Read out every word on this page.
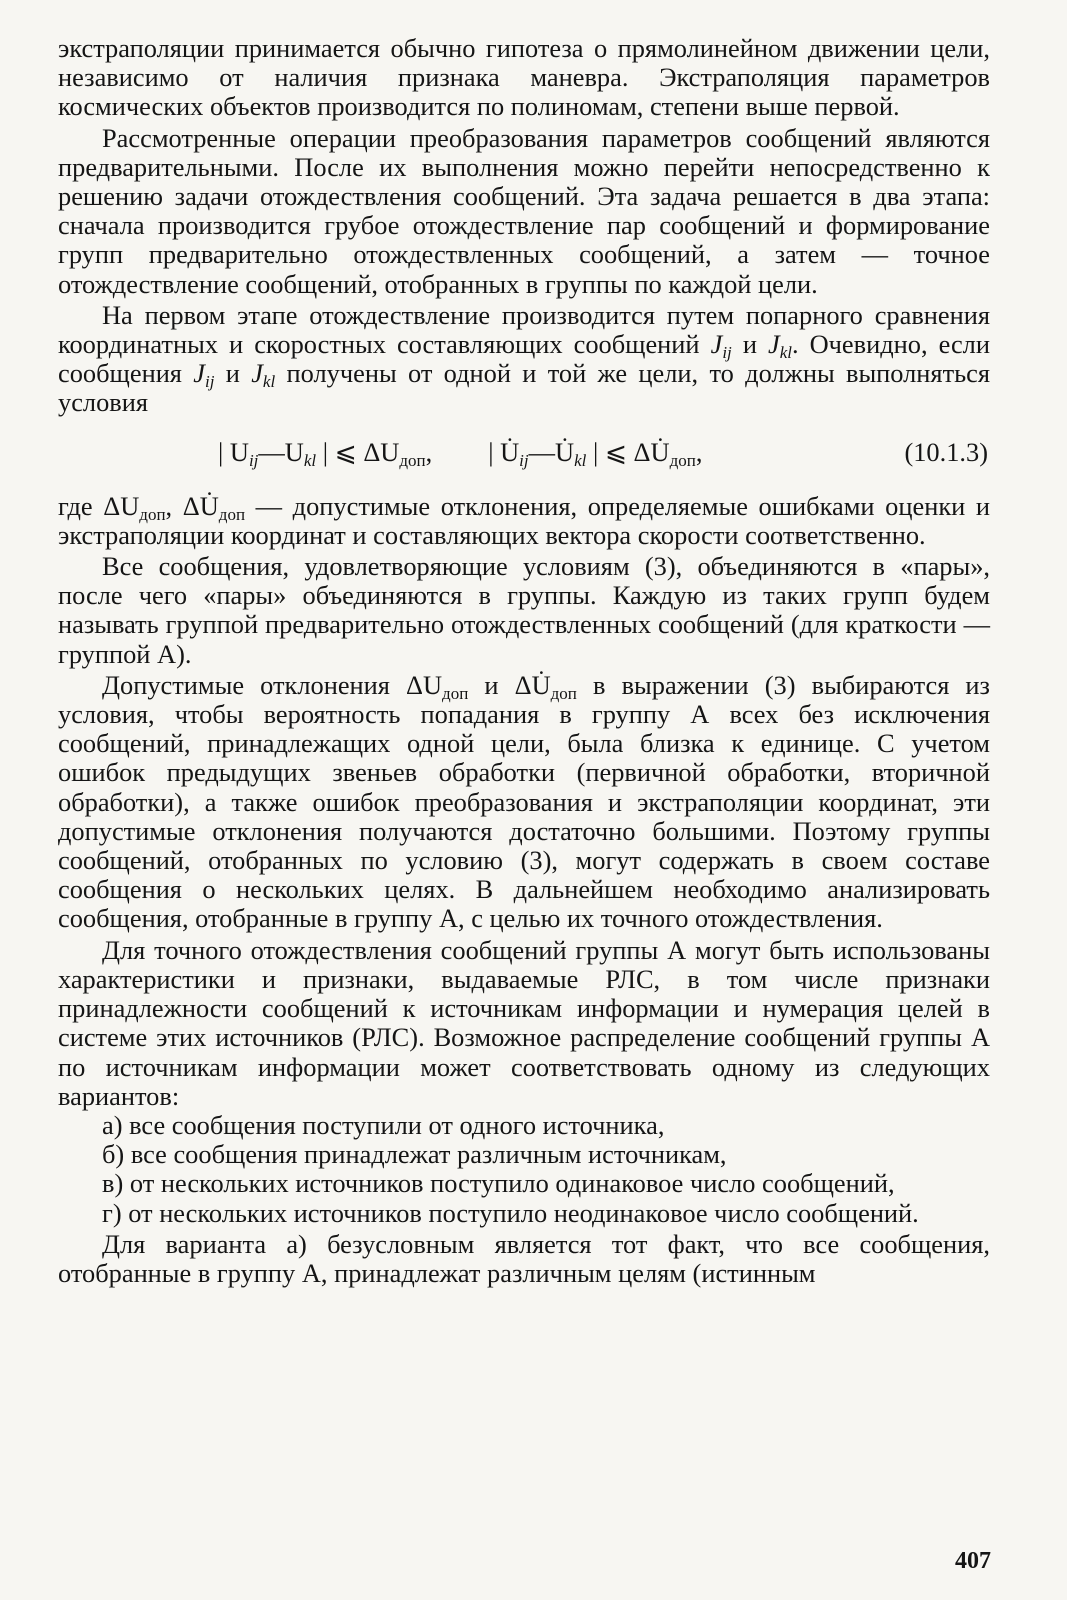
экстраполяции принимается обычно гипотеза о прямолинейном движении цели, независимо от наличия признака маневра. Экстраполяция параметров космических объектов производится по полиномам, степени выше первой.

Рассмотренные операции преобразования параметров сообщений являются предварительными. После их выполнения можно перейти непосредственно к решению задачи отождествления сообщений. Эта задача решается в два этапа: сначала производится грубое отождествление пар сообщений и формирование групп предварительно отождествленных сообщений, а затем — точное отождествление сообщений, отобранных в группы по каждой цели.

На первом этапе отождествление производится путем попарного сравнения координатных и скоростных составляющих сообщений $J_{ij}$ и $J_{kl}$. Очевидно, если сообщения $J_{ij}$ и $J_{kl}$ получены от одной и той же цели, то должны выполняться условия

| $U_{ij}—U_{kl}$ | ⩽ $\Delta U_{доп}$, | $U̇_{ij}—U̇_{kl}$ | ⩽ $\Delta U̇_{доп}$,	(10.1.3)

где $\Delta U_{доп}$, $\Delta U̇_{доп}$ — допустимые отклонения, определяемые ошибками оценки и экстраполяции координат и составляющих вектора скорости соответственно.

Все сообщения, удовлетворяющие условиям (3), объединяются в «пары», после чего «пары» объединяются в группы. Каждую из таких групп будем называть группой предварительно отождествленных сообщений (для краткости — группой А).

Допустимые отклонения $\Delta U_{доп}$ и $\Delta U̇_{доп}$ в выражении (3) выбираются из условия, чтобы вероятность попадания в группу А всех без исключения сообщений, принадлежащих одной цели, была близка к единице. С учетом ошибок предыдущих звеньев обработки (первичной обработки, вторичной обработки), а также ошибок преобразования и экстраполяции координат, эти допустимые отклонения получаются достаточно большими. Поэтому группы сообщений, отобранных по условию (3), могут содержать в своем составе сообщения о нескольких целях. В дальнейшем необходимо анализировать сообщения, отобранные в группу А, с целью их точного отождествления.

Для точного отождествления сообщений группы А могут быть использованы характеристики и признаки, выдаваемые РЛС, в том числе признаки принадлежности сообщений к источникам информации и нумерация целей в системе этих источников (РЛС). Возможное распределение сообщений группы А по источникам информации может соответствовать одному из следующих вариантов:

а) все сообщения поступили от одного источника,

б) все сообщения принадлежат различным источникам,

в) от нескольких источников поступило одинаковое число сообщений,

г) от нескольких источников поступило неодинаковое число сообщений.

Для варианта а) безусловным является тот факт, что все сообщения, отобранные в группу А, принадлежат различным целям (истинным

407
